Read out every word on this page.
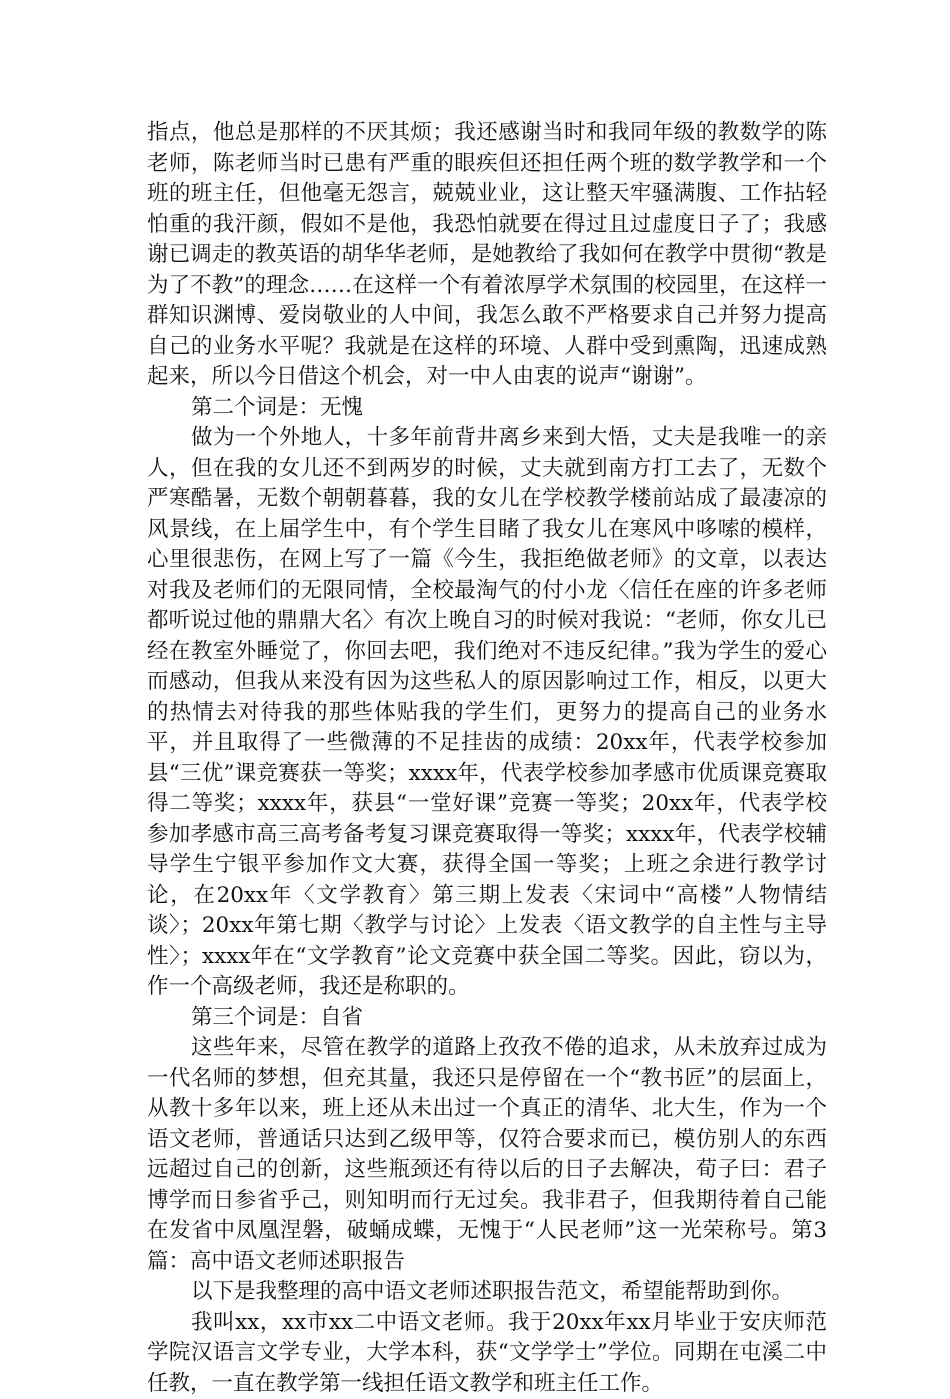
指点，他总是那样的不厌其烦；我还感谢当时和我同年级的教数学的陈老师，陈老师当时已患有严重的眼疾但还担任两个班的数学教学和一个班的班主任，但他毫无怨言，兢兢业业，这让整天牢骚满腹、工作拈轻怕重的我汗颜，假如不是他，我恐怕就要在得过且过虚度日子了；我感谢已调走的教英语的胡华华老师，是她教给了我如何在教学中贯彻“教是为了不教”的理念……在这样一个有着浓厚学术氛围的校园里，在这样一群知识渊博、爱岗敬业的人中间，我怎么敢不严格要求自己并努力提高自己的业务水平呢？我就是在这样的环境、人群中受到熏陶，迅速成熟起来，所以今日借这个机会，对一中人由衷的说声“谢谢”。

第二个词是：无愧

做为一个外地人，十多年前背井离乡来到大悟，丈夫是我唯一的亲人，但在我的女儿还不到两岁的时候，丈夫就到南方打工去了，无数个严寒酷暑，无数个朝朝暮暮，我的女儿在学校教学楼前站成了最凄凉的风景线，在上届学生中，有个学生目睹了我女儿在寒风中哆嗦的模样，心里很悲伤，在网上写了一篇《今生，我拒绝做老师》的文章，以表达对我及老师们的无限同情，全校最淘气的付小龙〈信任在座的许多老师都听说过他的鼎鼎大名〉有次上晚自习的时候对我说：“老师，你女儿已经在教室外睡觉了，你回去吧，我们绝对不违反纪律。”我为学生的爱心而感动，但我从来没有因为这些私人的原因影响过工作，相反，以更大的热情去对待我的那些体贴我的学生们，更努力的提高自己的业务水平，并且取得了一些微薄的不足挂齿的成绩：20xx年，代表学校参加县“三优”课竞赛获一等奖；xxxx年，代表学校参加孝感市优质课竞赛取得二等奖；xxxx年，获县“一堂好课”竞赛一等奖；20xx年，代表学校参加孝感市高三高考备考复习课竞赛取得一等奖；xxxx年，代表学校辅导学生宁银平参加作文大赛，获得全国一等奖；上班之余进行教学讨论，在20xx年〈文学教育〉第三期上发表〈宋词中“高楼”人物情结谈〉；20xx年第七期〈教学与讨论〉上发表〈语文教学的自主性与主导性〉；xxxx年在“文学教育”论文竞赛中获全国二等奖。因此，窃以为，作一个高级老师，我还是称职的。

第三个词是：自省

这些年来，尽管在教学的道路上孜孜不倦的追求，从未放弃过成为一代名师的梦想，但充其量，我还只是停留在一个“教书匠”的层面上，从教十多年以来，班上还从未出过一个真正的清华、北大生，作为一个语文老师，普通话只达到乙级甲等，仅符合要求而已，模仿别人的东西远超过自己的创新，这些瓶颈还有待以后的日子去解决，荀子曰：君子博学而日参省乎己，则知明而行无过矣。我非君子，但我期待着自己能在发省中凤凰涅磐，破蛹成蝶，无愧于“人民老师”这一光荣称号。第3篇：高中语文老师述职报告

以下是我整理的高中语文老师述职报告范文，希望能帮助到你。

我叫xx，xx市xx二中语文老师。我于20xx年xx月毕业于安庆师范学院汉语言文学专业，大学本科，获“文学学士”学位。同期在屯溪二中任教，一直在教学第一线担任语文教学和班主任工作。
